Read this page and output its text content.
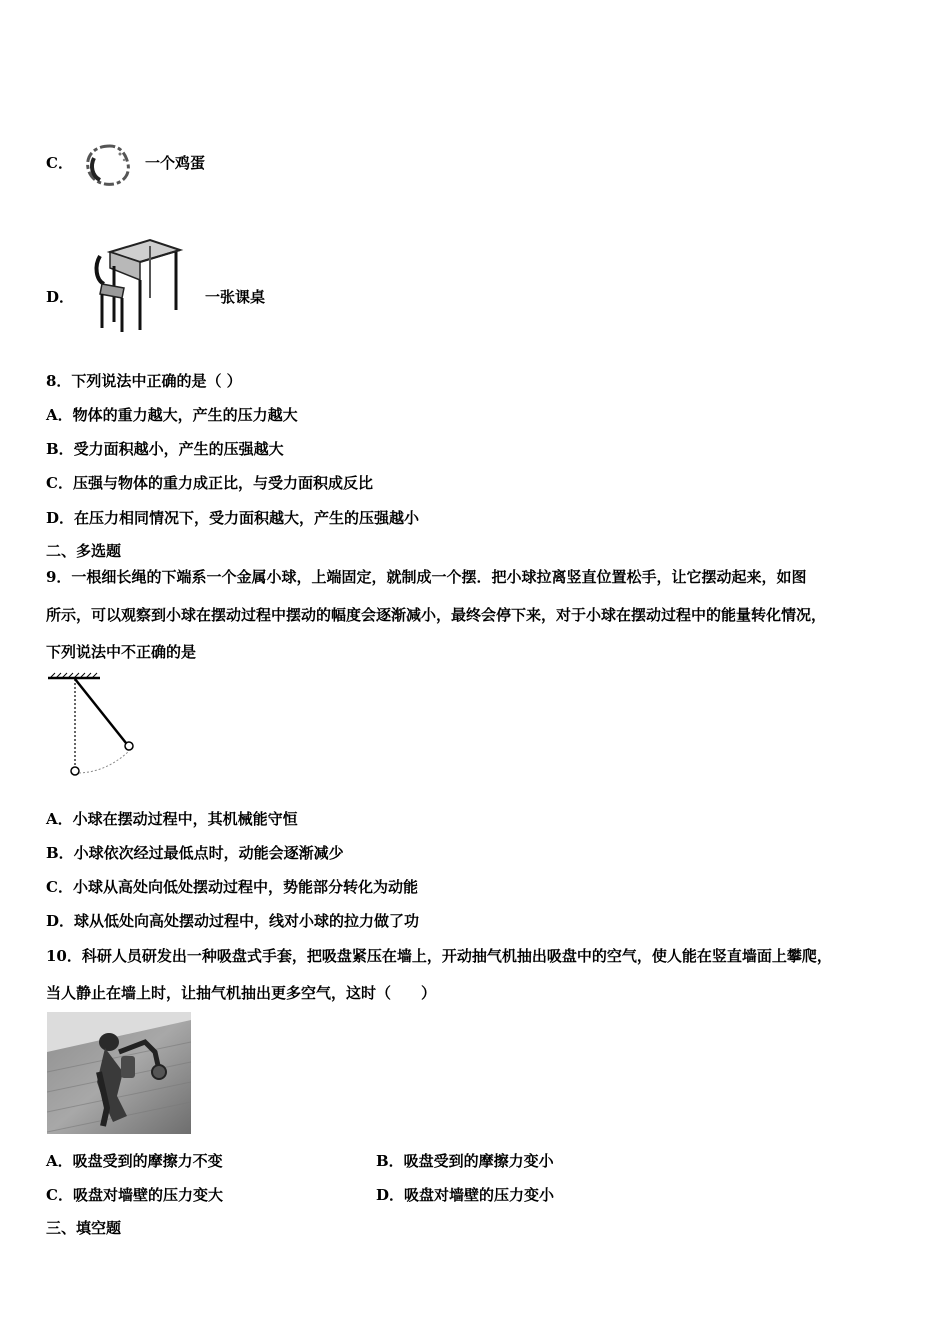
C．	一个鸡蛋
D．	一张课桌
8．下列说法中正确的是（ ）
A．物体的重力越大，产生的压力越大
B．受力面积越小，产生的压强越大
C．压强与物体的重力成正比，与受力面积成反比
D．在压力相同情况下，受力面积越大，产生的压强越小
二、多选题
9．一根细长绳的下端系一个金属小球，上端固定，就制成一个摆．把小球拉离竖直位置松手，让它摆动起来，如图
所示，可以观察到小球在摆动过程中摆动的幅度会逐渐减小，最终会停下来，对于小球在摆动过程中的能量转化情况，
下列说法中不正确的是
A．小球在摆动过程中，其机械能守恒
B．小球依次经过最低点时，动能会逐渐减少
C．小球从高处向低处摆动过程中，势能部分转化为动能
D．球从低处向高处摆动过程中，线对小球的拉力做了功
10．科研人员研发出一种吸盘式手套，把吸盘紧压在墙上，开动抽气机抽出吸盘中的空气，使人能在竖直墙面上攀爬，
当人静止在墙上时，让抽气机抽出更多空气，这时（　　）
A．吸盘受到的摩擦力不变	B．吸盘受到的摩擦力变小
C．吸盘对墙壁的压力变大	D．吸盘对墙壁的压力变小
三、填空题
